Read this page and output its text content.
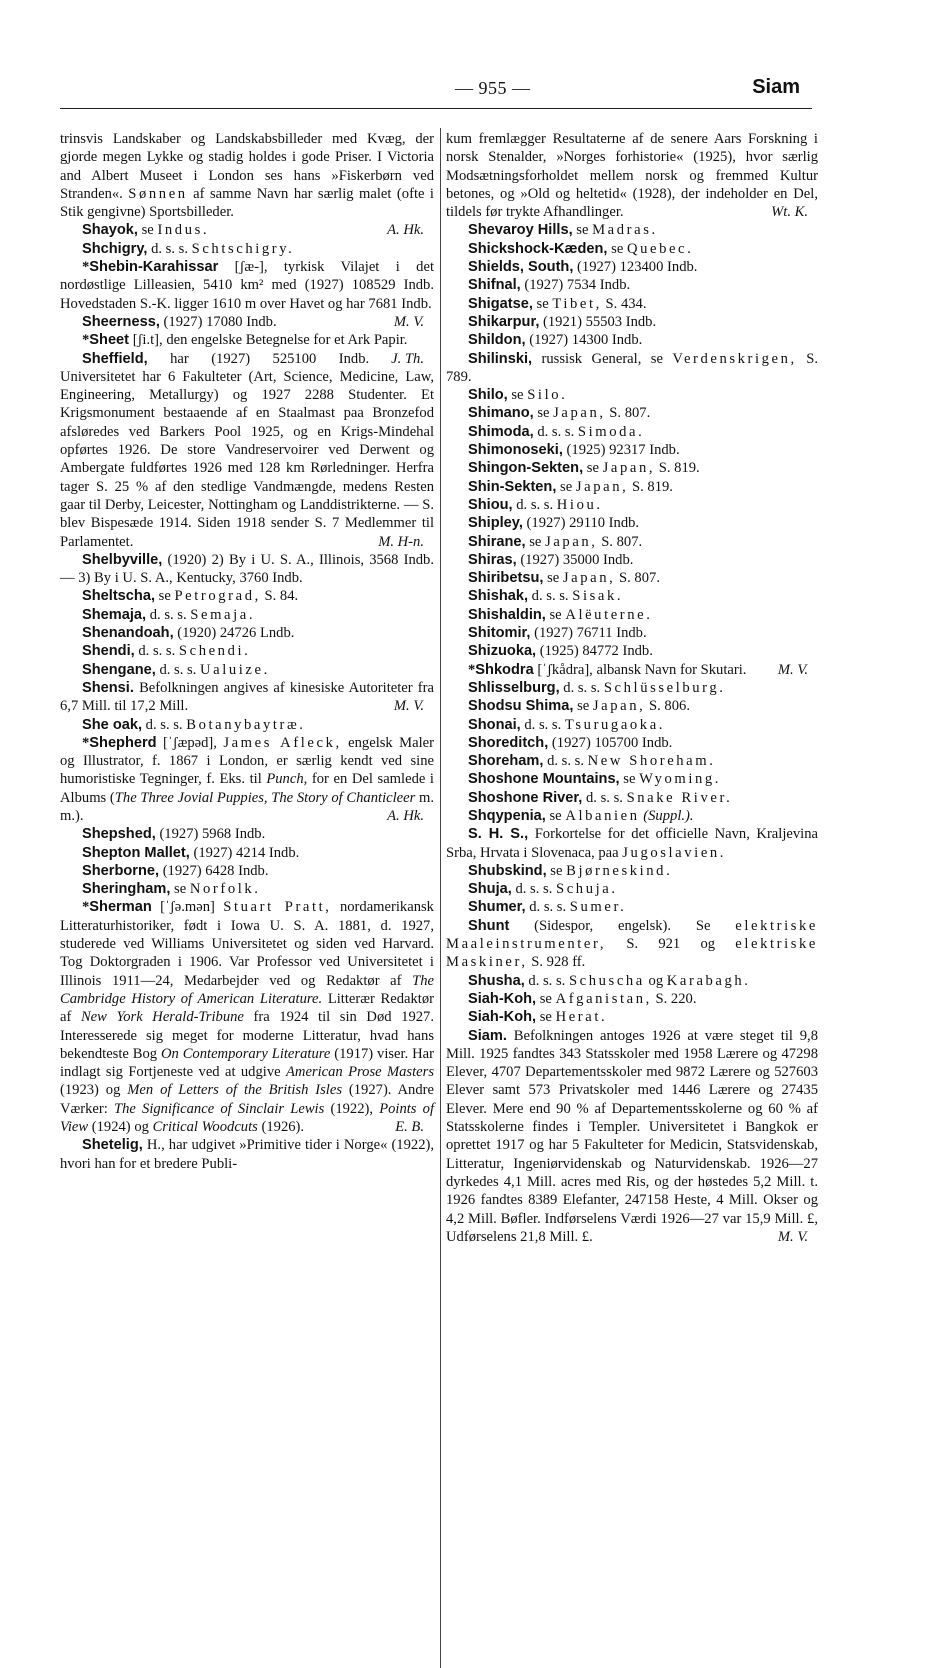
— 955 —	Siam

trinsvis Landskaber og Landskabsbilleder med Kvæg, der gjorde megen Lykke og stadig holdes i gode Priser. I Victoria and Albert Museet i London ses hans »Fiskerbørn ved Stranden«. Sønnen af samme Navn har særlig malet (ofte i Stik gengivne) Sportsbilleder.

Shayok, se Indus.	A. Hk.

Shchigry, d. s. s. Schtschigry.

*Shebin-Karahissar [ʃæ-], tyrkisk Vilajet i det nordøstlige Lilleasien, 5410 km² med (1927) 108529 Indb. Hovedstaden S.-K. ligger 1610 m over Havet og har 7681 Indb.
M. V.

Sheerness, (1927) 17080 Indb.

*Sheet [ʃi.t], den engelske Betegnelse for et Ark Papir.
J. Th.

Sheffield, har (1927) 525100 Indb. Universitetet har 6 Fakulteter (Art, Science, Medicine, Law, Engineering, Metallurgy) og 1927 2288 Studenter. Et Krigsmonument bestaaende af en Staalmast paa Bronzefod afsløredes ved Barkers Pool 1925, og en Krigs-Mindehal opførtes 1926. De store Vandreservoirer ved Derwent og Ambergate fuldførtes 1926 med 128 km Rørledninger. Herfra tager S. 25 % af den stedlige Vandmængde, medens Resten gaar til Derby, Leicester, Nottingham og Landdistrikterne. — S. blev Bispesæde 1914. Siden 1918 sender S. 7 Medlemmer til Parlamentet.	M. H-n.

Shelbyville, (1920) 2) By i U. S. A., Illinois, 3568 Indb. — 3) By i U. S. A., Kentucky, 3760 Indb.

Sheltscha, se Petrograd, S. 84.

Shemaja, d. s. s. Semaja.

Shenandoah, (1920) 24726 Lndb.

Shendi, d. s. s. Schendi.

Shengane, d. s. s. Ualuize.

Shensi. Befolkningen angives af kinesiske Autoriteter fra 6,7 Mill. til 17,2 Mill.	M. V.

She oak, d. s. s. Botanybaytræ.

*Shepherd [ˈʃæpəd], James Afleck, engelsk Maler og Illustrator, f. 1867 i London, er særlig kendt ved sine humoristiske Tegninger, f. Eks. til Punch, for en Del samlede i Albums (The Three Jovial Puppies, The Story of Chanticleer m. m.).	A. Hk.

Shepshed, (1927) 5968 Indb.

Shepton Mallet, (1927) 4214 Indb.

Sherborne, (1927) 6428 Indb.

Sheringham, se Norfolk.

*Sherman [ˈʃə.mən] Stuart Pratt, nordamerikansk Litteraturhistoriker, født i Iowa U. S. A. 1881, d. 1927, studerede ved Williams Universitetet og siden ved Harvard. Tog Doktorgraden i 1906. Var Professor ved Universitetet i Illinois 1911—24, Medarbejder ved og Redaktør af The Cambridge History of American Literature. Litterær Redaktør af New York Herald-Tribune fra 1924 til sin Død 1927. Interesserede sig meget for moderne Litteratur, hvad hans bekendteste Bog On Contemporary Literature (1917) viser. Har indlagt sig Fortjeneste ved at udgive American Prose Masters (1923) og Men of Letters of the British Isles (1927). Andre Værker: The Significance of Sinclair Lewis (1922), Points of View (1924) og Critical Woodcuts (1926).	E. B.

Shetelig, H., har udgivet »Primitive tider i Norge« (1922), hvori han for et bredere Publi-

kum fremlægger Resultaterne af de senere Aars Forskning i norsk Stenalder, »Norges forhistorie« (1925), hvor særlig Modsætningsforholdet mellem norsk og fremmed Kultur betones, og »Old og heltetid« (1928), der indeholder en Del, tildels før trykte Afhandlinger.	Wt. K.

Shevaroy Hills, se Madras.

Shickshock-Kæden, se Quebec.

Shields, South, (1927) 123400 Indb.

Shifnal, (1927) 7534 Indb.

Shigatse, se Tibet, S. 434.

Shikarpur, (1921) 55503 Indb.

Shildon, (1927) 14300 Indb.

Shilinski, russisk General, se Verdenskrigen, S. 789.

Shilo, se Silo.

Shimano, se Japan, S. 807.

Shimoda, d. s. s. Simoda.

Shimonoseki, (1925) 92317 Indb.

Shingon-Sekten, se Japan, S. 819.

Shin-Sekten, se Japan, S. 819.

Shiou, d. s. s. Hiou.

Shipley, (1927) 29110 Indb.

Shirane, se Japan, S. 807.

Shiras, (1927) 35000 Indb.

Shiribetsu, se Japan, S. 807.

Shishak, d. s. s. Sisak.

Shishaldin, se Alëuterne.

Shitomir, (1927) 76711 Indb.

Shizuoka, (1925) 84772 Indb.

*Shkodra [ˈʃkådra], albansk Navn for Skutari.	M. V.

Shlisselburg, d. s. s. Schlüsselburg.

Shodsu Shima, se Japan, S. 806.

Shonai, d. s. s. Tsurugaoka.

Shoreditch, (1927) 105700 Indb.

Shoreham, d. s. s. New Shoreham.

Shoshone Mountains, se Wyoming.

Shoshone River, d. s. s. Snake River.

Shqypenia, se Albanien (Suppl.).

S. H. S., Forkortelse for det officielle Navn, Kraljevina Srba, Hrvata i Slovenaca, paa Jugoslavien.

Shubskind, se Bjørneskind.

Shuja, d. s. s. Schuja.

Shumer, d. s. s. Sumer.

Shunt (Sidespor, engelsk). Se elektriske Maaleinstrumenter, S. 921 og elektriske Maskiner, S. 928 ff.

Shusha, d. s. s. Schuscha og Karabagh.

Siah-Koh, se Afganistan, S. 220.

Siah-Koh, se Herat.

Siam. Befolkningen antoges 1926 at være steget til 9,8 Mill. 1925 fandtes 343 Statsskoler med 1958 Lærere og 47298 Elever, 4707 Departementsskoler med 9872 Lærere og 527603 Elever samt 573 Privatskoler med 1446 Lærere og 27435 Elever. Mere end 90 % af Departementsskolerne og 60 % af Statsskolerne findes i Templer. Universitetet i Bangkok er oprettet 1917 og har 5 Fakulteter for Medicin, Statsvidenskab, Litteratur, Ingeniørvidenskab og Naturvidenskab. 1926—27 dyrkedes 4,1 Mill. acres med Ris, og der høstedes 5,2 Mill. t. 1926 fandtes 8389 Elefanter, 247158 Heste, 4 Mill. Okser og 4,2 Mill. Bøfler. Indførselens Værdi 1926—27 var 15,9 Mill. £, Udførselens 21,8 Mill. £.	M. V.
